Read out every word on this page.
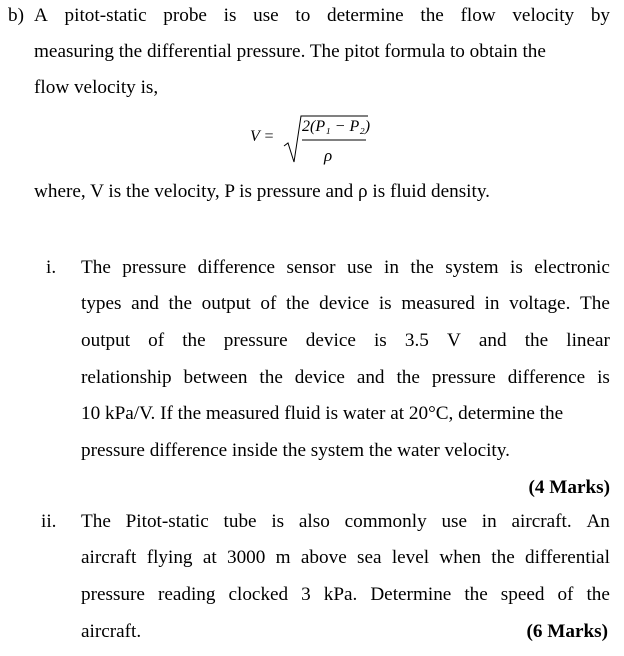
b) A pitot-static probe is use to determine the flow velocity by
measuring the differential pressure. The pitot formula to obtain the
flow velocity is,
V =
2(P₁ − P₂)
ρ
where, V is the velocity, P is pressure and ρ is fluid density.
i. The pressure difference sensor use in the system is electronic
types and the output of the device is measured in voltage. The
output of the pressure device is 3.5 V and the linear
relationship between the device and the pressure difference is
10 kPa/V. If the measured fluid is water at 20°C, determine the
pressure difference inside the system the water velocity.
(4 Marks)
ii. The Pitot-static tube is also commonly use in aircraft. An
aircraft flying at 3000 m above sea level when the differential
pressure reading clocked 3 kPa. Determine the speed of the
aircraft.	(6 Marks)
